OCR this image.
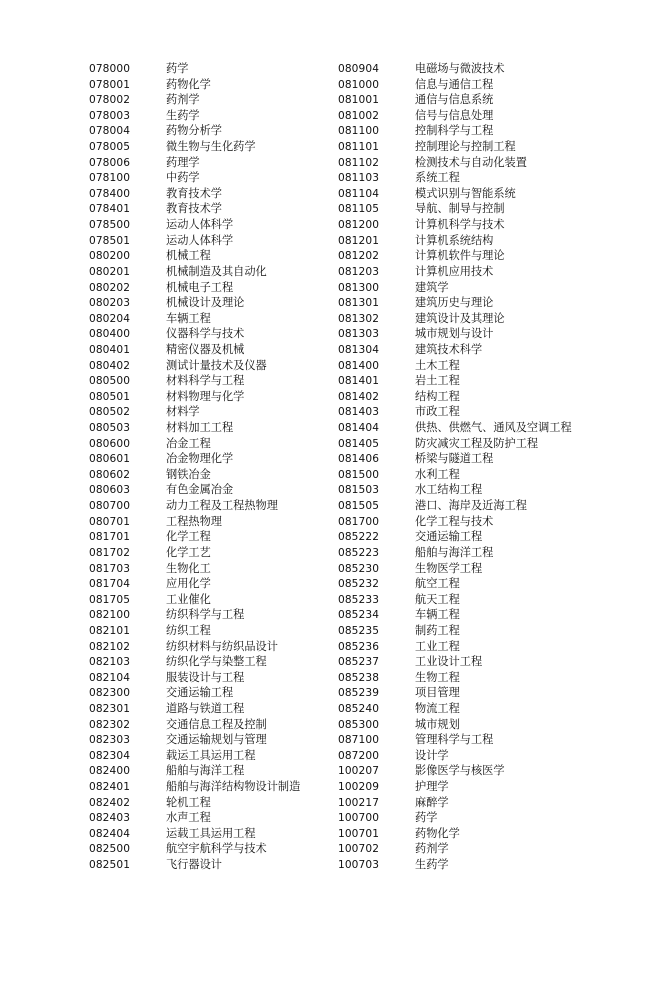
078000	药学
078001	药物化学
078002	药剂学
078003	生药学
078004	药物分析学
078005	微生物与生化药学
078006	药理学
078100	中药学
078400	教育技术学
078401	教育技术学
078500	运动人体科学
078501	运动人体科学
080200	机械工程
080201	机械制造及其自动化
080202	机械电子工程
080203	机械设计及理论
080204	车辆工程
080400	仪器科学与技术
080401	精密仪器及机械
080402	测试计量技术及仪器
080500	材料科学与工程
080501	材料物理与化学
080502	材料学
080503	材料加工工程
080600	冶金工程
080601	冶金物理化学
080602	钢铁冶金
080603	有色金属冶金
080700	动力工程及工程热物理
080701	工程热物理
081701	化学工程
081702	化学工艺
081703	生物化工
081704	应用化学
081705	工业催化
082100	纺织科学与工程
082101	纺织工程
082102	纺织材料与纺织品设计
082103	纺织化学与染整工程
082104	服装设计与工程
082300	交通运输工程
082301	道路与铁道工程
082302	交通信息工程及控制
082303	交通运输规划与管理
082304	载运工具运用工程
082400	船舶与海洋工程
082401	船舶与海洋结构物设计制造
082402	轮机工程
082403	水声工程
082404	运载工具运用工程
082500	航空宇航科学与技术
082501	飞行器设计
080904	电磁场与微波技术
081000	信息与通信工程
081001	通信与信息系统
081002	信号与信息处理
081100	控制科学与工程
081101	控制理论与控制工程
081102	检测技术与自动化装置
081103	系统工程
081104	模式识别与智能系统
081105	导航、制导与控制
081200	计算机科学与技术
081201	计算机系统结构
081202	计算机软件与理论
081203	计算机应用技术
081300	建筑学
081301	建筑历史与理论
081302	建筑设计及其理论
081303	城市规划与设计
081304	建筑技术科学
081400	土木工程
081401	岩土工程
081402	结构工程
081403	市政工程
081404	供热、供燃气、通风及空调工程
081405	防灾减灾工程及防护工程
081406	桥梁与隧道工程
081500	水利工程
081503	水工结构工程
081505	港口、海岸及近海工程
081700	化学工程与技术
085222	交通运输工程
085223	船舶与海洋工程
085230	生物医学工程
085232	航空工程
085233	航天工程
085234	车辆工程
085235	制药工程
085236	工业工程
085237	工业设计工程
085238	生物工程
085239	项目管理
085240	物流工程
085300	城市规划
087100	管理科学与工程
087200	设计学
100207	影像医学与核医学
100209	护理学
100217	麻醉学
100700	药学
100701	药物化学
100702	药剂学
100703	生药学
